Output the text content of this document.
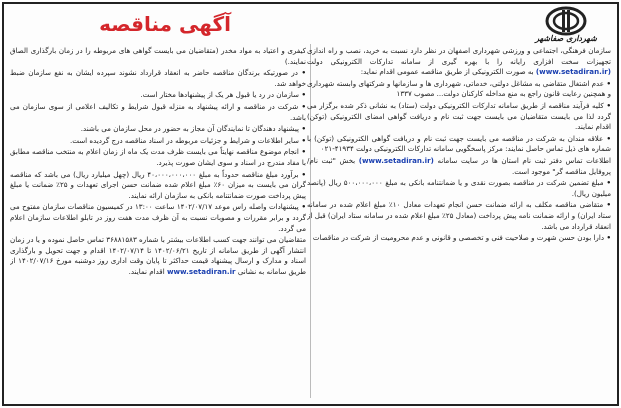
شهرداری صفاشهر
آگهی مناقصه

سازمان فرهنگی، اجتماعی و ورزشی شهرداری اصفهان در نظر دارد نسبت به خرید، نصب و راه اندازی تجهیزات سخت افزاری رایانه را با بهره گیری از سامانه تدارکات الکترونیکی دولت (www.setadiran.ir) به صورت الکترونیکی از طریق مناقصه عمومی اقدام نماید:

• عدم اشتغال متقاضی به مشاغل دولتی، خدماتی، شهرداری ها و سازمانها و شرکتهای وابسته شهرداری و همچنین رعایت قانون راجع به منع مداخله کارکنان دولت... مصوب ۱۳۳۷

• کلیه فرآیند مناقصه از طریق سامانه تدارکات الکترونیکی دولت (ستاد) به نشانی ذکر شده برگزار می گردد لذا می بایست متقاضیان می بایست جهت ثبت نام و دریافت گواهی امضای الکترونیکی (توکن) اقدام نمایند.

• علاقه مندان به شرکت در مناقصه می بایست جهت ثبت نام و دریافت گواهی الکترونیکی (توکن) با شماره های ذیل تماس حاصل نمایند: مرکز پاسخگویی سامانه تدارکات الکترونیکی دولت ۴۱۹۳۴-۰۲۱

اطلاعات تماس دفتر ثبت نام استان ها در سایت سامانه (www.setadiran.ir) بخش "ثبت نام/پروفایل مناقصه گر" موجود است.

• مبلغ تضمین شرکت در مناقصه بصورت نقدی و یا ضمانتنامه بانکی به مبلغ ۵۰۰،۰۰۰،۰۰۰ ریال (پانصد میلیون ریال).

• متقاضی مناقصه مکلف به ارائه ضمانت حسن انجام تعهدات معادل ۱۰٪ مبلغ اعلام شده در سامانه ستاد ایران) و ارائه ضمانت نامه پیش پرداخت (معادل ۲۵٪ مبلغ اعلام شده در سامانه ستاد ایران) قبل از انعقاد قرارداد می باشد.

• دارا بودن حسن شهرت و صلاحیت فنی و تخصصی و قانونی و عدم محرومیت از شرکت در مناقصات

کیفری و اعتیاد به مواد مخدر (متقاضیان می بایست گواهی های مربوطه را در زمان بارگذاری الصاق نمایند.)

• در صورتیکه برندگان مناقصه حاضر به انعقاد قرارداد نشوند سپرده ایشان به نفع سازمان ضبط خواهد شد.

• سازمان در رد یا قبول هر یک از پیشنهادها مختار است.

• شرکت در مناقصه و ارائه پیشنهاد به منزله قبول شرایط و تکالیف اعلامی از سوی سازمان می باشد.

• پیشنهاد دهندگان تا نمایندگان آن مجاز به حضور در محل سازمان می باشند.

• سایر اطلاعات و شرایط و جزئیات مربوطه در اسناد مناقصه درج گردیده است.

• انجام موضوع مناقصه نهایتاً می بایست ظرف مدت یک ماه از زمان اعلام به منتخب مناقصه مطابق با مفاد مندرج در اسناد و سوی ایشان صورت پذیرد.

• برآورد مبلغ مناقصه حدوداً به مبلغ ۴۰،۰۰۰،۰۰۰،۰۰۰ ریال (چهل میلیارد ریال) می باشد که مناقصه گران می بایست به میزان ۶۰٪ مبلغ اعلام شده ضمانت حسن اجرای تعهدات و ۲۵٪ ضمانت یا مبلغ پیش پرداخت صورت ضمانتنامه بانکی به سازمان ارائه نمایند.

• پیشنهادات واصله راس موعد ۱۴۰۲/۰۷/۱۷ ساعت ۱۳:۰۰ در کمیسیون مناقصات سازمان مفتوح می گردد و برابر مقررات و مصوبات نسبت به آن ظرف مدت هفت روز در تابلو اطلاعات سازمان اعلام می گردد.

متقاضیان می توانند جهت کسب اطلاعات بیشتر با شماره ۳۶۸۸۱۵۸۳ تماس حاصل نموده و یا در زمان انتشار آگهی از طریق سامانه از تاریخ ۱۴۰۲/۰۶/۲۱ تا ۱۴۰۲/۰۷/۱۴ اقدام و جهت تحویل و بارگذاری اسناد و مدارک و ارسال پیشنهاد قیمت حداکثر تا پایان وقت اداری روز دوشنبه مورخ ۱۴۰۲/۰۷/۱۶ از طریق سامانه به نشانی www.setadiran.ir اقدام نمایند.
